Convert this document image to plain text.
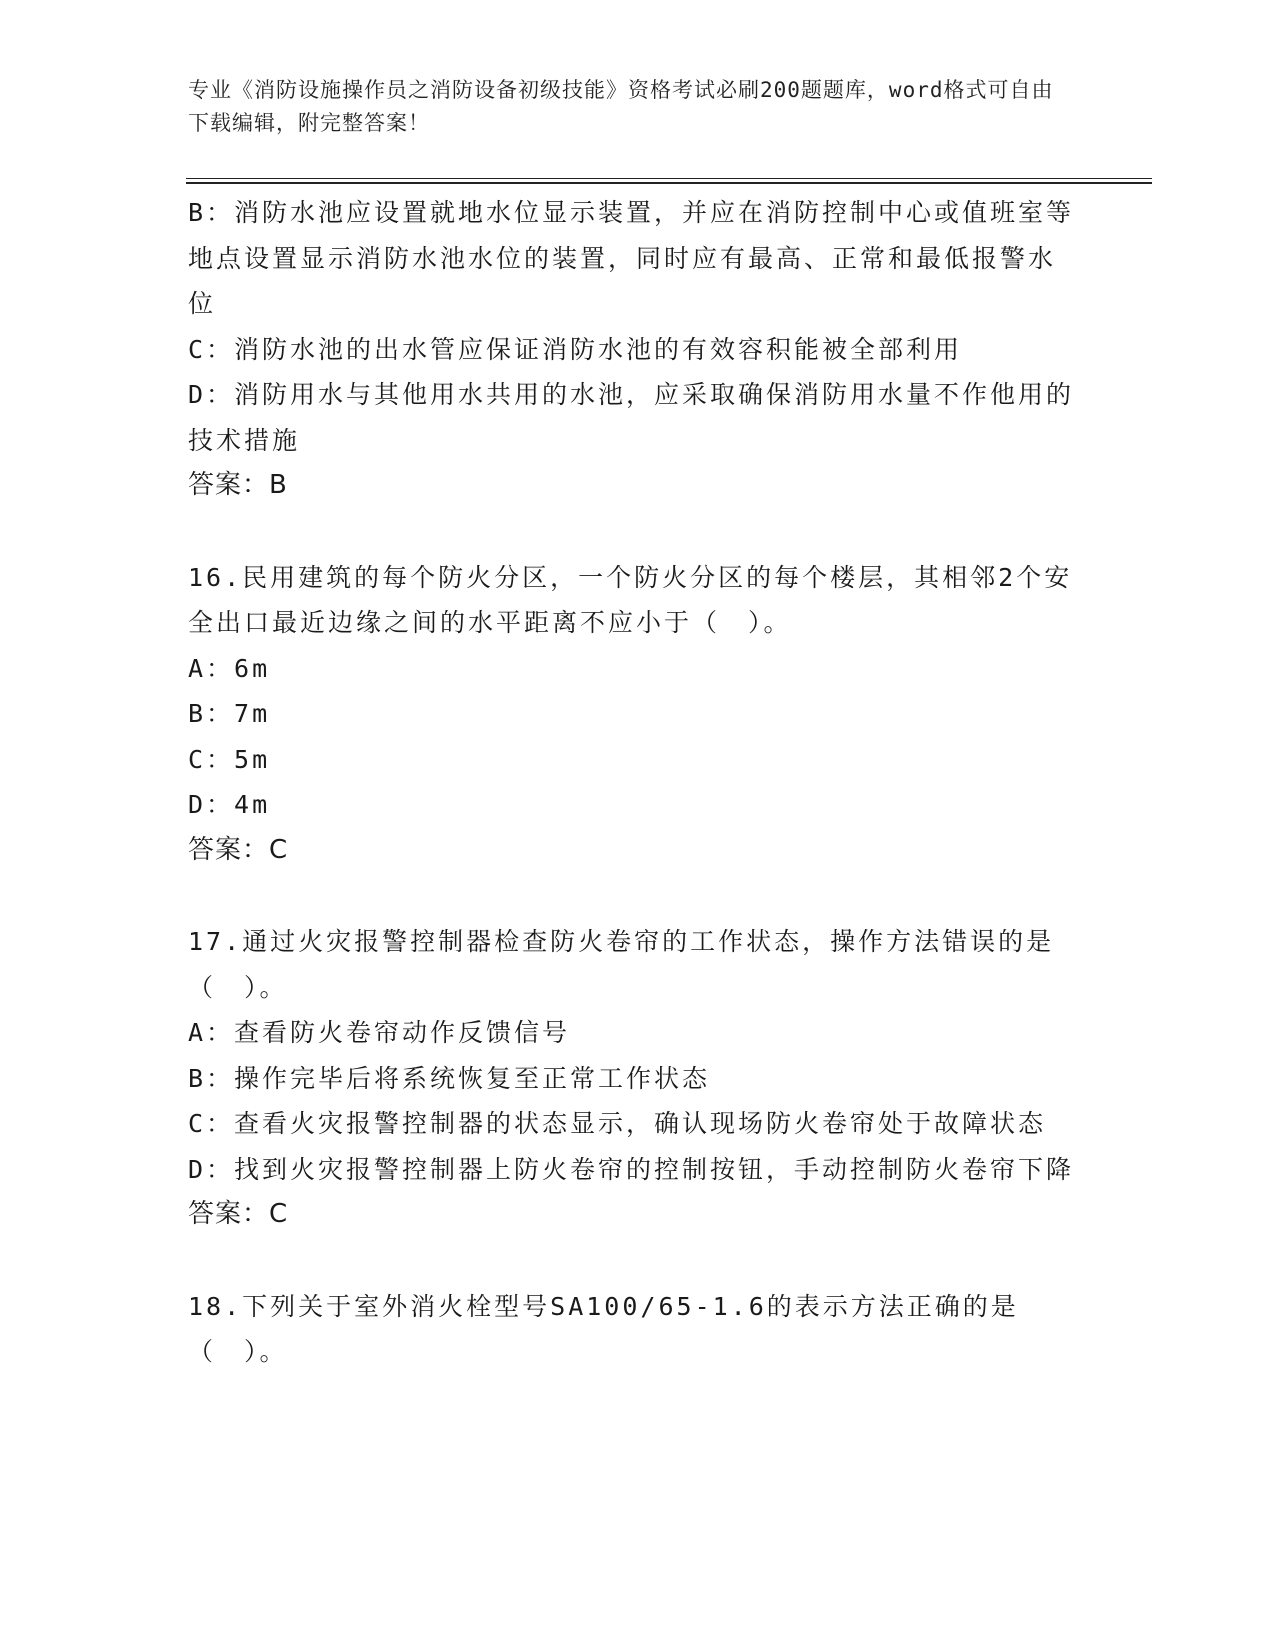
专业《消防设施操作员之消防设备初级技能》资格考试必刷200题题库，word格式可自由下载编辑，附完整答案！

B：消防水池应设置就地水位显示装置，并应在消防控制中心或值班室等地点设置显示消防水池水位的装置，同时应有最高、正常和最低报警水位

C：消防水池的出水管应保证消防水池的有效容积能被全部利用

D：消防用水与其他用水共用的水池，应采取确保消防用水量不作他用的技术措施

答案：B

16.民用建筑的每个防火分区，一个防火分区的每个楼层，其相邻2个安全出口最近边缘之间的水平距离不应小于（　）。

A：6m

B：7m

C：5m

D：4m

答案：C

17.通过火灾报警控制器检查防火卷帘的工作状态，操作方法错误的是（　）。

A：查看防火卷帘动作反馈信号

B：操作完毕后将系统恢复至正常工作状态

C：查看火灾报警控制器的状态显示，确认现场防火卷帘处于故障状态

D：找到火灾报警控制器上防火卷帘的控制按钮，手动控制防火卷帘下降

答案：C

18.下列关于室外消火栓型号SA100/65-1.6的表示方法正确的是（　）。
